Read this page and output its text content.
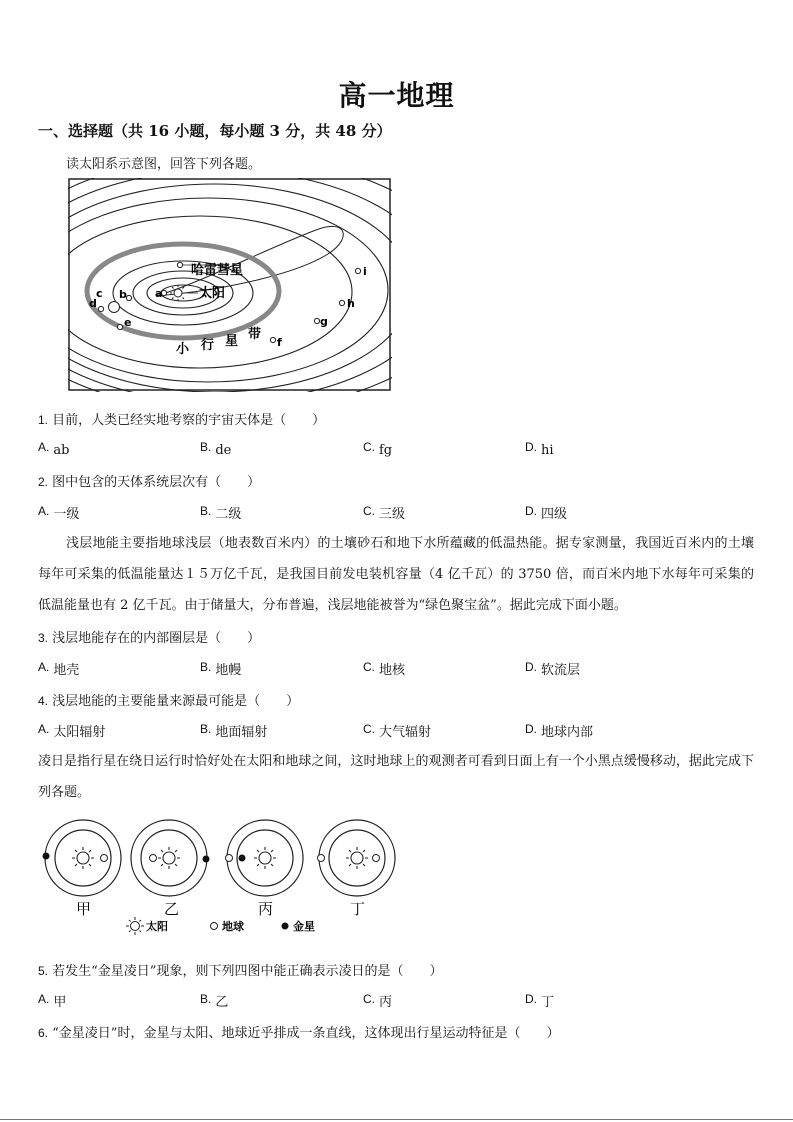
高一地理
一、选择题（共 16 小题，每小题 3 分，共 48 分）
读太阳系示意图，回答下列各题。
哈雷彗星
太阳
小 行 星 带
a
b
c
d
e
f
g
h
i
1. 目前，人类已经实地考察的宇宙天体是（　　）
A. ab	B. de	C. fg	D. hi
2. 图中包含的天体系统层次有（　　）
A. 一级	B. 二级	C. 三级	D. 四级
浅层地能主要指地球浅层（地表数百米内）的土壤砂石和地下水所蕴藏的低温热能。据专家测量，我国近百米内的土壤每年可采集的低温能量达１５万亿千瓦，是我国目前发电装机容量（4 亿千瓦）的 3750 倍，而百米内地下水每年可采集的低温能量也有 2 亿千瓦。由于储量大，分布普遍，浅层地能被誉为“绿色聚宝盆”。据此完成下面小题。
3. 浅层地能存在的内部圈层是（　　）
A. 地壳	B. 地幔	C. 地核	D. 软流层
4. 浅层地能的主要能量来源最可能是（　　）
A. 太阳辐射	B. 地面辐射	C. 大气辐射	D. 地球内部
凌日是指行星在绕日运行时恰好处在太阳和地球之间，这时地球上的观测者可看到日面上有一个小黑点缓慢移动，据此完成下列各题。
甲	乙	丙	丁
太阳	地球	金星
5. 若发生“金星凌日”现象，则下列四图中能正确表示凌日的是（　　）
A. 甲	B. 乙	C. 丙	D. 丁
6. “金星凌日”时，金星与太阳、地球近乎排成一条直线，这体现出行星运动特征是（　　）
